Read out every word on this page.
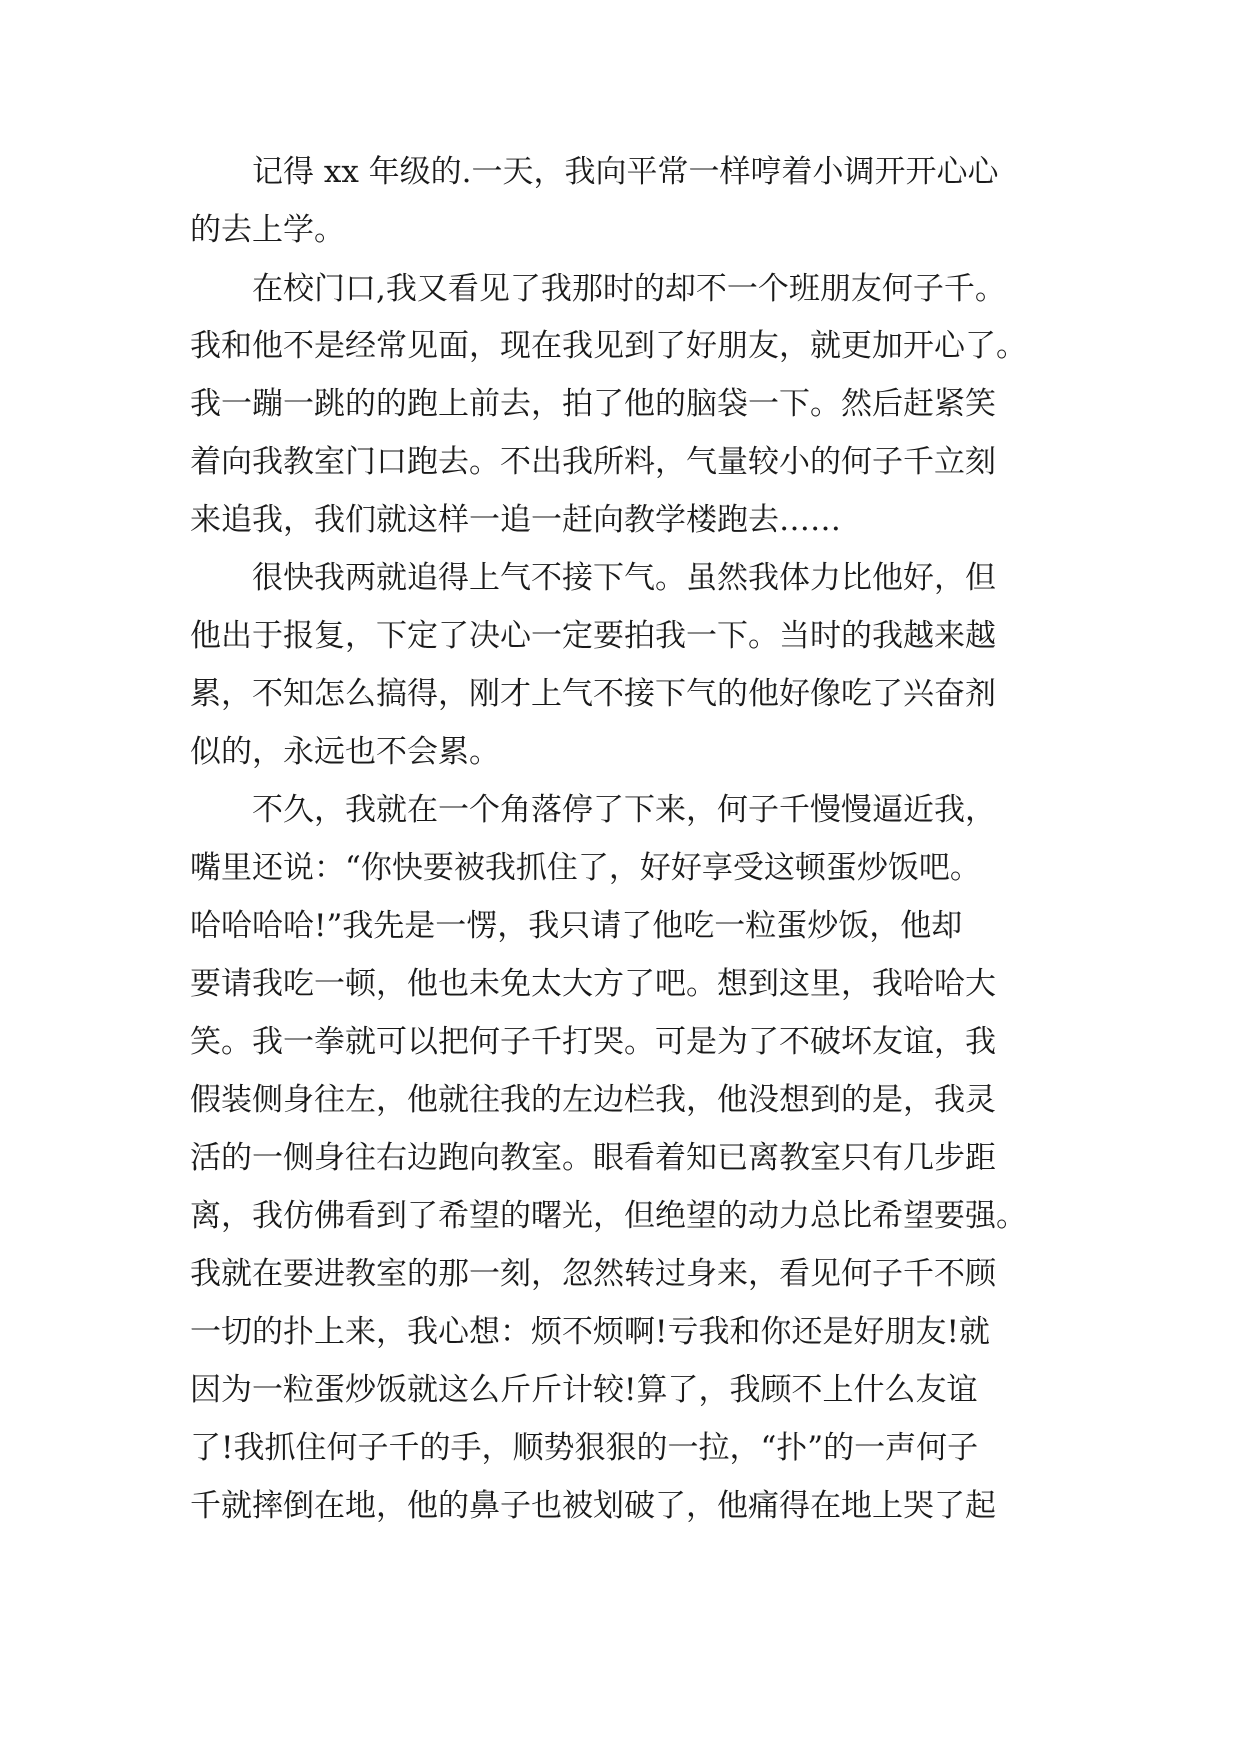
记得 xx 年级的.一天，我向平常一样哼着小调开开心心
的去上学。
在校门口,我又看见了我那时的却不一个班朋友何子千。
我和他不是经常见面，现在我见到了好朋友，就更加开心了。
我一蹦一跳的的跑上前去，拍了他的脑袋一下。然后赶紧笑
着向我教室门口跑去。不出我所料，气量较小的何子千立刻
来追我，我们就这样一追一赶向教学楼跑去……
很快我两就追得上气不接下气。虽然我体力比他好，但
他出于报复，下定了决心一定要拍我一下。当时的我越来越
累，不知怎么搞得，刚才上气不接下气的他好像吃了兴奋剂
似的，永远也不会累。
不久，我就在一个角落停了下来，何子千慢慢逼近我，
嘴里还说：“你快要被我抓住了，好好享受这顿蛋炒饭吧。
哈哈哈哈!”我先是一愣，我只请了他吃一粒蛋炒饭，他却
要请我吃一顿，他也未免太大方了吧。想到这里，我哈哈大
笑。我一拳就可以把何子千打哭。可是为了不破坏友谊，我
假装侧身往左，他就往我的左边栏我，他没想到的是，我灵
活的一侧身往右边跑向教室。眼看着知已离教室只有几步距
离，我仿佛看到了希望的曙光，但绝望的动力总比希望要强。
我就在要进教室的那一刻，忽然转过身来，看见何子千不顾
一切的扑上来，我心想：烦不烦啊!亏我和你还是好朋友!就
因为一粒蛋炒饭就这么斤斤计较!算了，我顾不上什么友谊
了!我抓住何子千的手，顺势狠狠的一拉，“扑”的一声何子
千就摔倒在地，他的鼻子也被划破了，他痛得在地上哭了起
